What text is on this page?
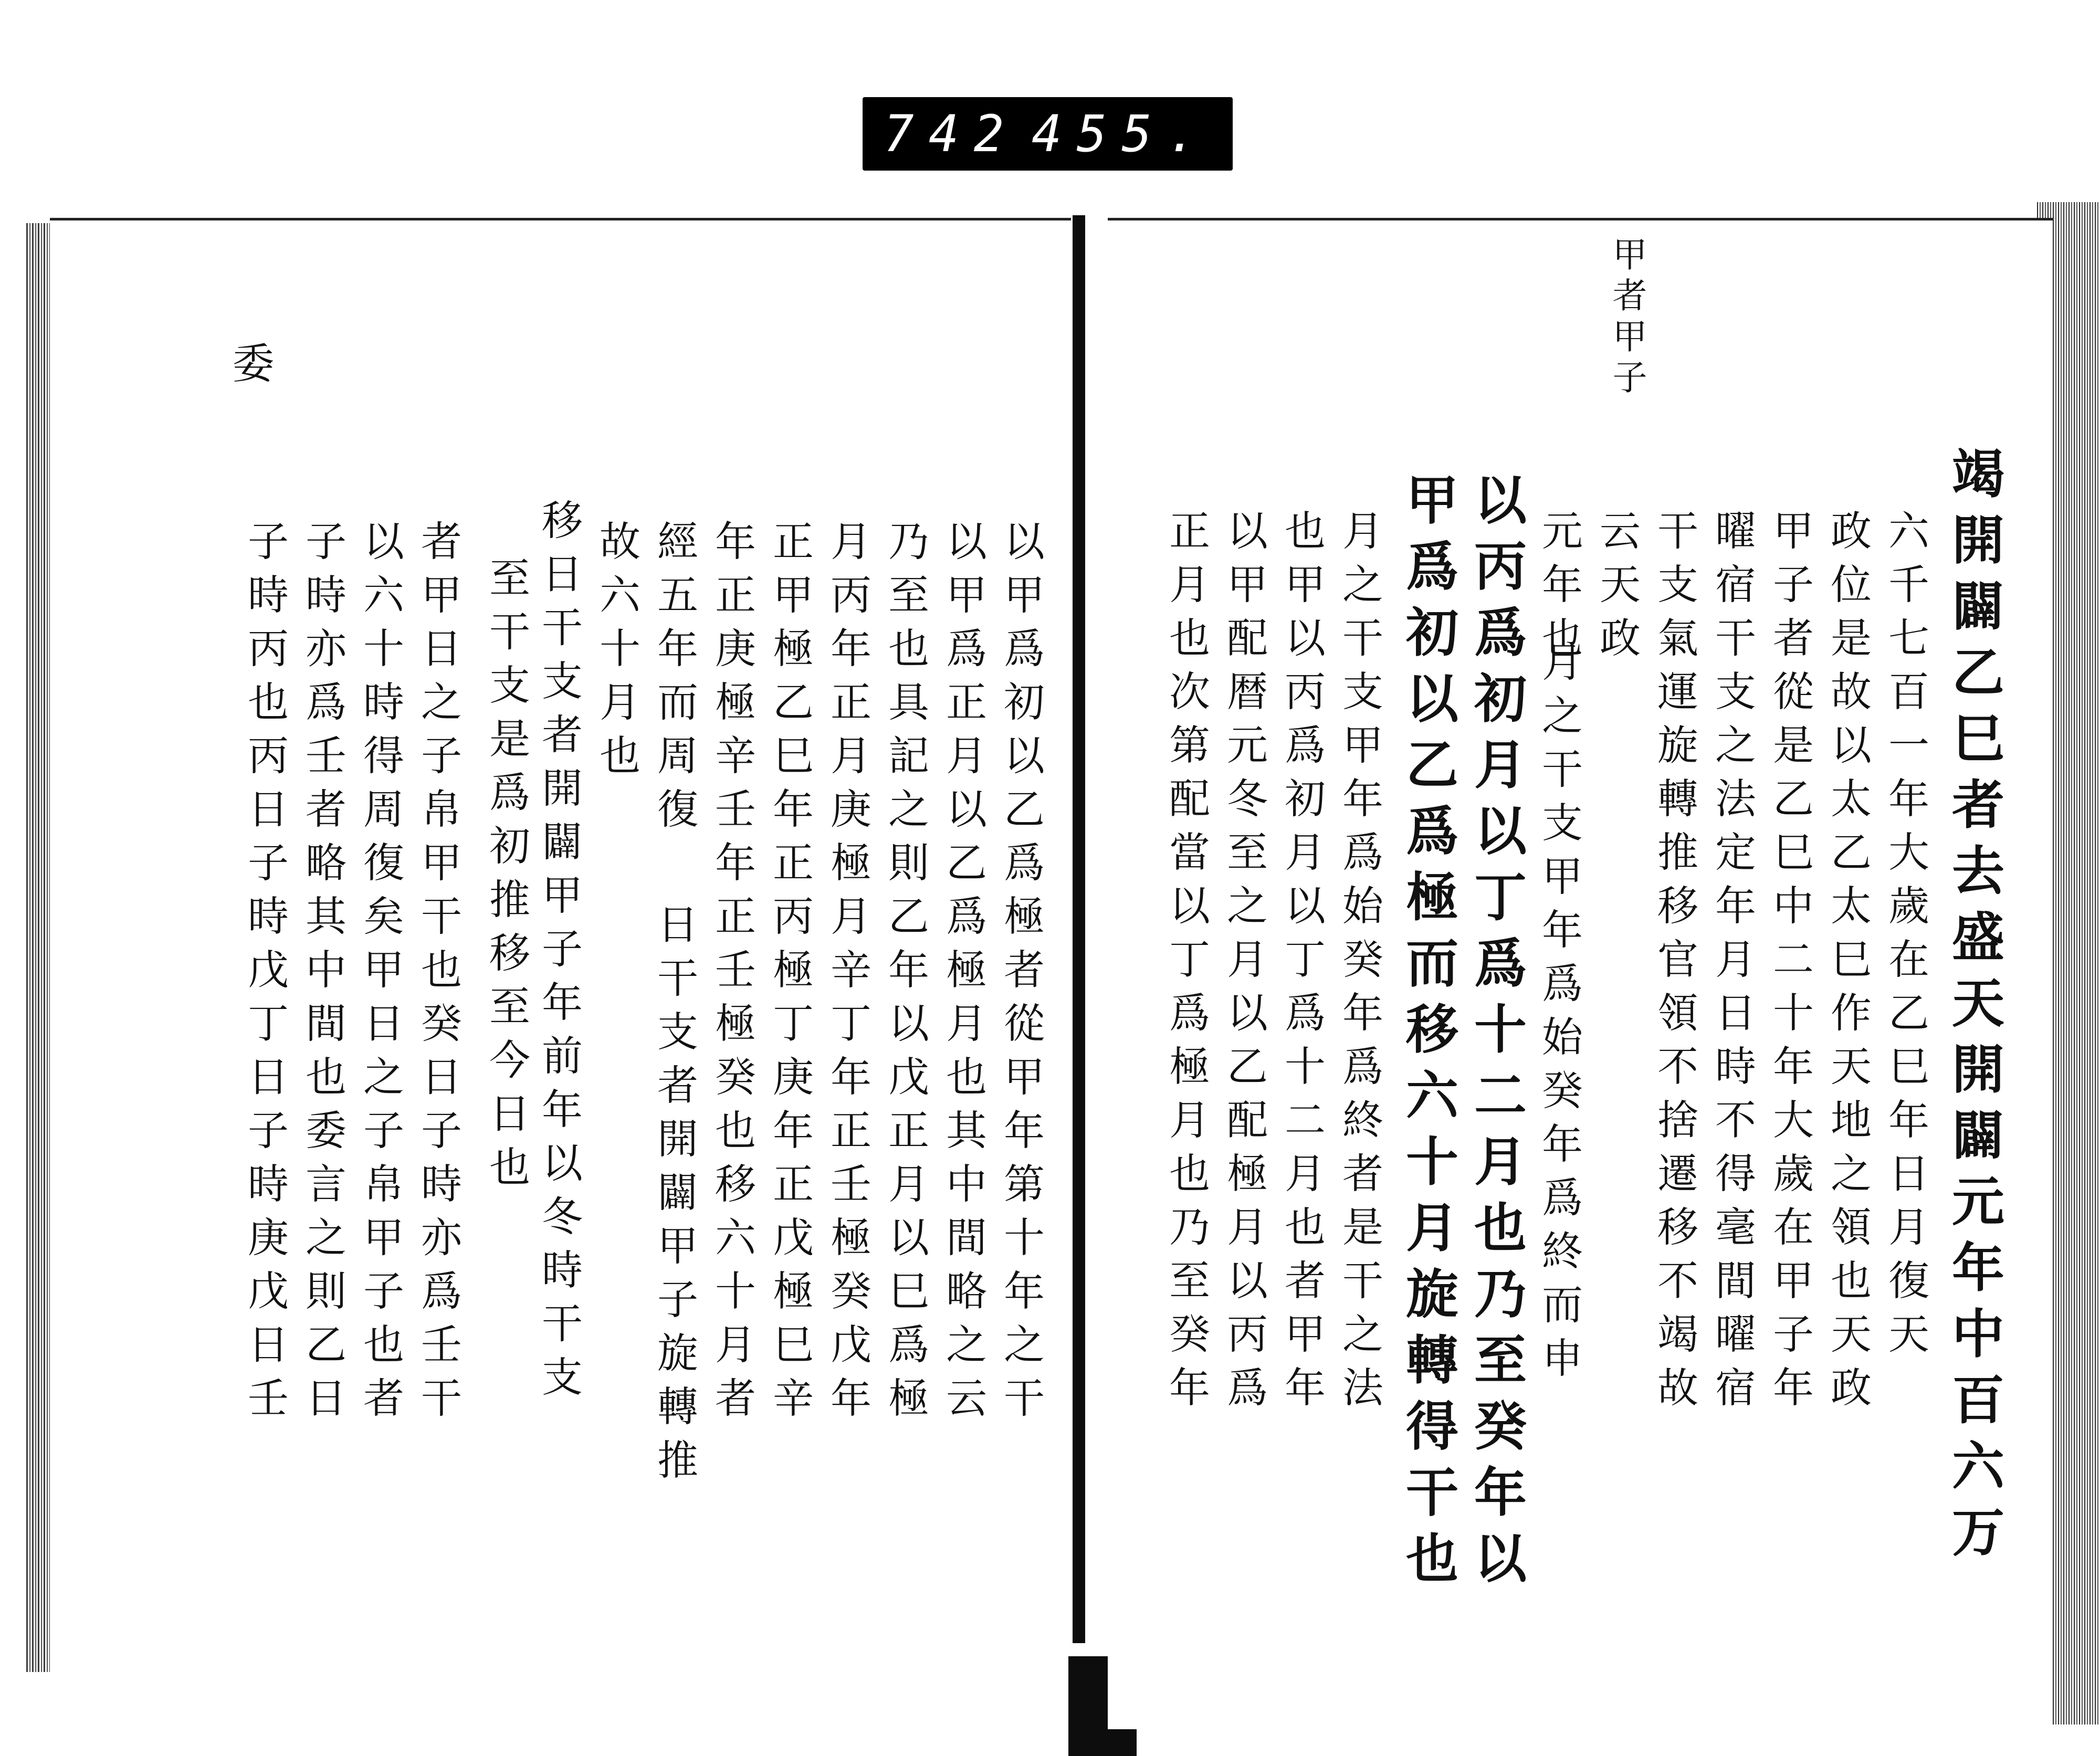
742 455.
委
以甲爲初以乙爲極者從甲年第十年之干
以甲爲正月以乙爲極月也其中間略之云
乃至也具記之則乙年以戊正月以巳爲極
月丙年正月庚極月辛丁年正壬極癸戊年
正甲極乙巳年正丙極丁庚年正戊極巳辛
年正庚極辛壬年正壬極癸也移六十月者
經五年而周復
故六十月也
日干支者開闢甲子旋轉推
移日干支者開闢甲子年前年以冬時干支
至干支是爲初推移至今日也
者甲日之子帛甲干也癸日子時亦爲壬干
以六十時得周復矣甲日之子帛甲子也者
子時亦爲壬者略其中間也委言之則乙日
子時丙也丙日子時戊丁日子時庚戊日壬
甲者甲子
竭開闢乙巳者去盛天開闢元年中百六万
六千七百一年大歲在乙巳年日月復天
政位是故以太乙太巳作天地之領也天政
甲子者從是乙巳中二十年大歲在甲子年
曜宿干支之法定年月日時不得毫間曜宿
干支氣運旋轉推移官領不捨遷移不竭故
云天政
元年也
以丙爲初月以丁爲十二月也乃至癸年以 月之干支甲年爲始癸年爲終而申
甲爲初以乙爲極而移六十月旋轉得干也
月之干支甲年爲始癸年爲終者是干之法
也甲以丙爲初月以丁爲十二月也者甲年
以甲配暦元冬至之月以乙配極月以丙爲
正月也次第配當以丁爲極月也乃至癸年
